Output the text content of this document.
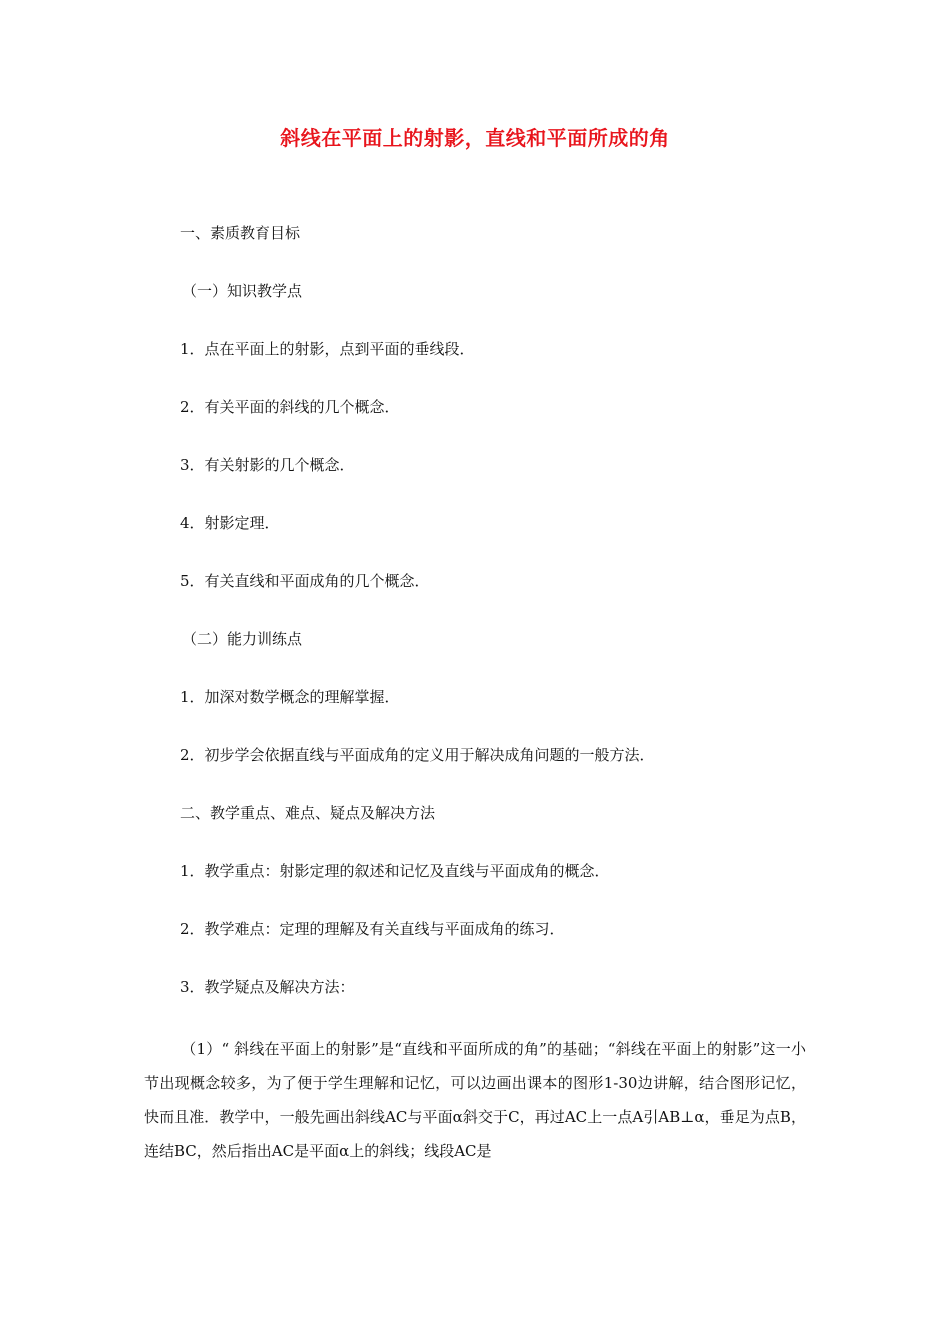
斜线在平面上的射影，直线和平面所成的角
一、素质教育目标
（一）知识教学点
1．点在平面上的射影，点到平面的垂线段．
2．有关平面的斜线的几个概念．
3．有关射影的几个概念．
4．射影定理．
5．有关直线和平面成角的几个概念．
（二）能力训练点
1．加深对数学概念的理解掌握．
2．初步学会依据直线与平面成角的定义用于解决成角问题的一般方法．
二、教学重点、难点、疑点及解决方法
1．教学重点：射影定理的叙述和记忆及直线与平面成角的概念．
2．教学难点：定理的理解及有关直线与平面成角的练习．
3．教学疑点及解决方法：

（1）“ 斜线在平面上的射影”是“直线和平面所成的角”的基础；“斜线在平面上的射影”这一小节出现概念较多，为了便于学生理解和记忆，可以边画出课本的图形1-30边讲解，结合图形记忆，快而且准．教学中，一般先画出斜线AC与平面α斜交于C，再过AC上一点A引AB⊥α，垂足为点B，连结BC，然后指出AC是平面α上的斜线；线段AC是
